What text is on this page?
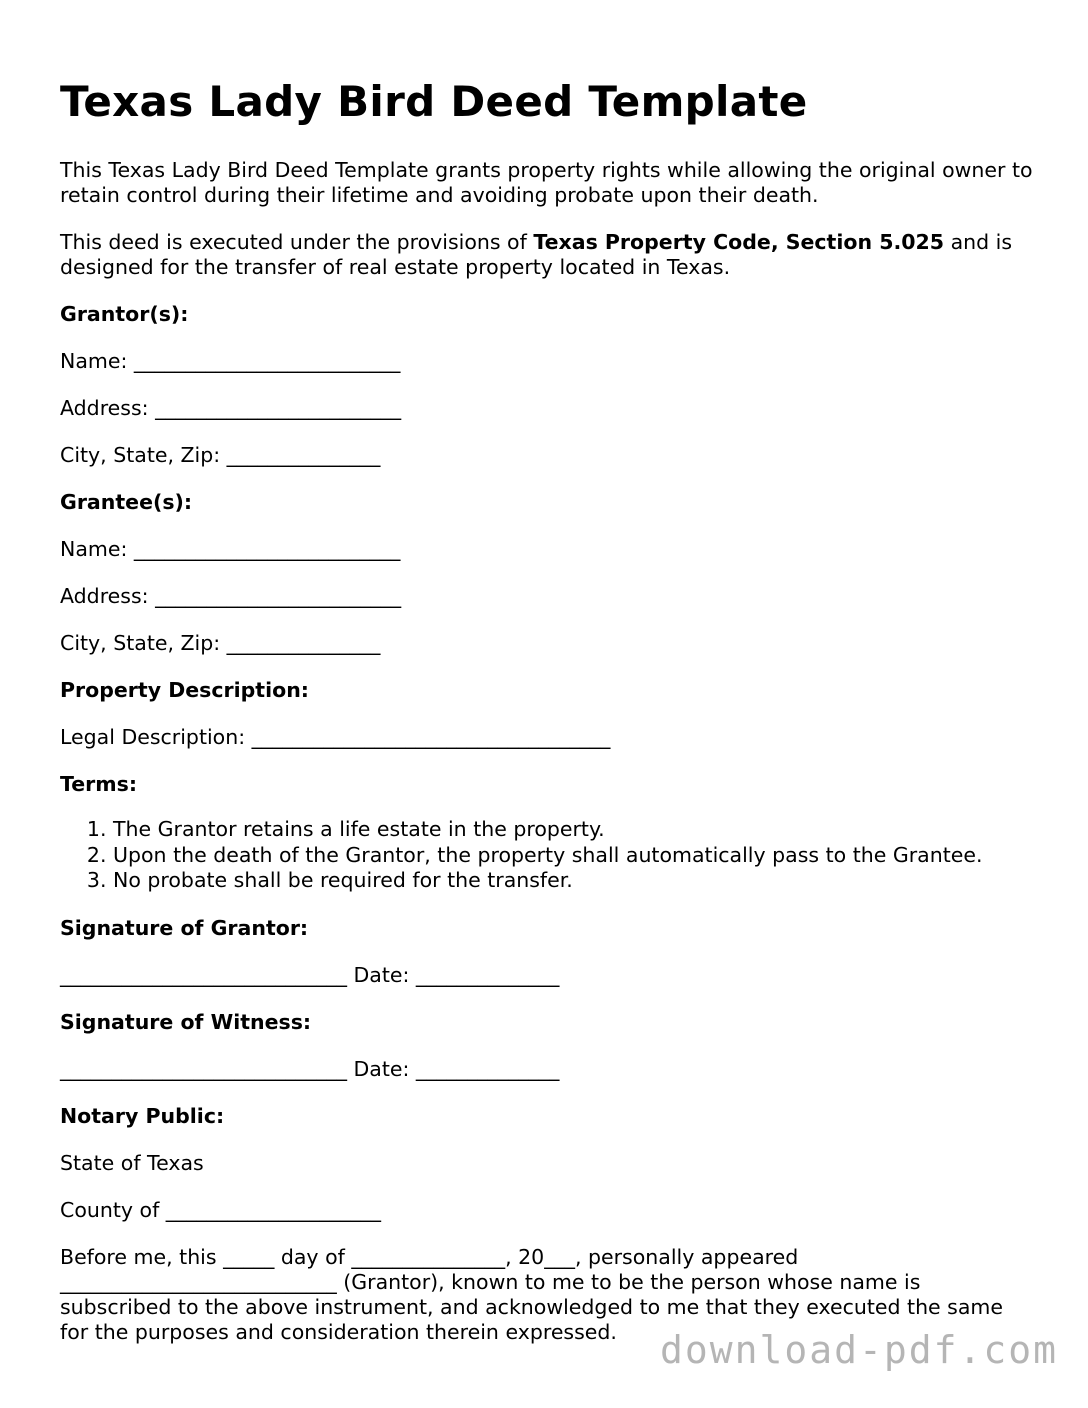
Texas Lady Bird Deed Template

This Texas Lady Bird Deed Template grants property rights while allowing the original owner to retain control during their lifetime and avoiding probate upon their death.

This deed is executed under the provisions of Texas Property Code, Section 5.025 and is designed for the transfer of real estate property located in Texas.

Grantor(s):

Name: __________________________

Address: ________________________

City, State, Zip: _______________

Grantee(s):

Name: __________________________

Address: ________________________

City, State, Zip: _______________

Property Description:

Legal Description: ___________________________________

Terms:

1. The Grantor retains a life estate in the property.
2. Upon the death of the Grantor, the property shall automatically pass to the Grantee.
3. No probate shall be required for the transfer.

Signature of Grantor:

____________________________ Date: ______________

Signature of Witness:

____________________________ Date: ______________

Notary Public:

State of Texas

County of _____________________

Before me, this _____ day of _______________, 20___, personally appeared ___________________________ (Grantor), known to me to be the person whose name is subscribed to the above instrument, and acknowledged to me that they executed the same for the purposes and consideration therein expressed.	download-pdf.com
